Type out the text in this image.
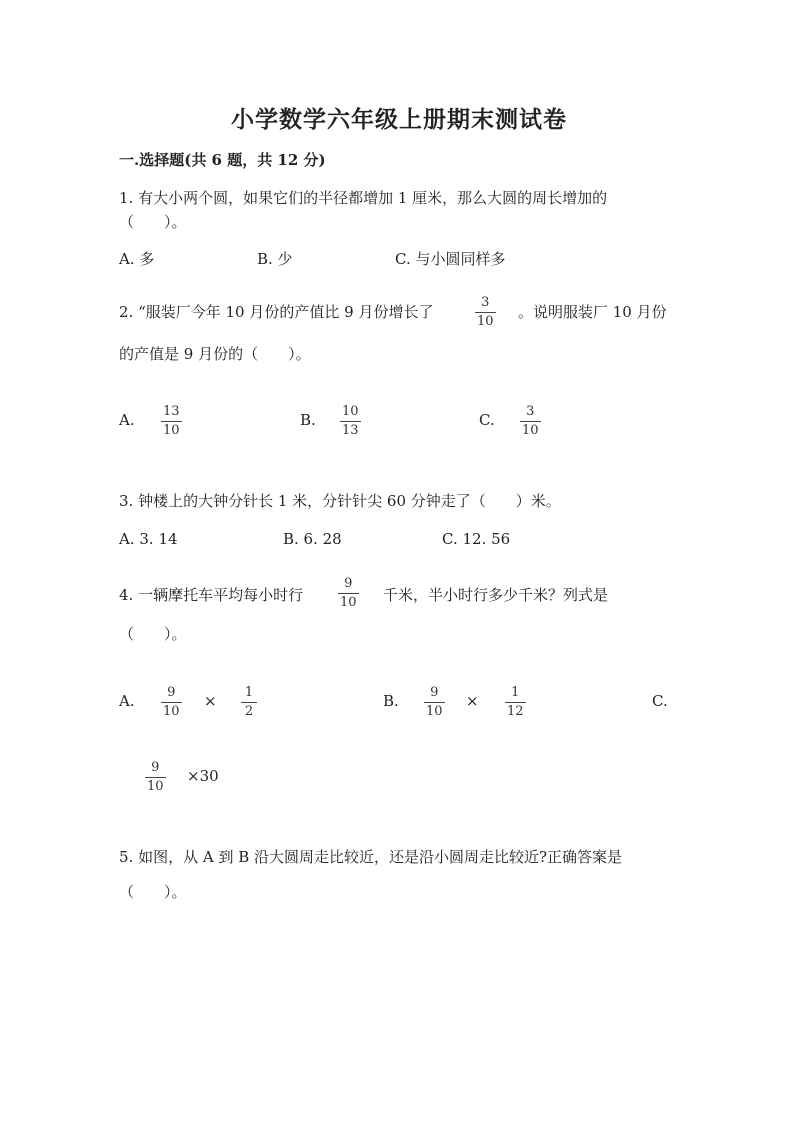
小学数学六年级上册期末测试卷
一.选择题(共 6 题，共 12 分)
1. 有大小两个圆，如果它们的半径都增加 1 厘米，那么大圆的周长增加的
（　　）。
A. 多	B. 少	C. 与小圆同样多
2. “服装厂今年 10 月份的产值比 9 月份增长了
3
10
。说明服装厂 10 月份
的产值是 9 月份的（　　）。
A. 13
10
B. 10
13
C. 3
10
3. 钟楼上的大钟分针长 1 米，分针针尖 60 分钟走了（　　）米。
A. 3. 14	B. 6. 28	C. 12. 56
4. 一辆摩托车平均每小时行
9
10 千米，半小时行多少千米？列式是
（　　）。
A.	9
10
× 1
2
B. 9
10
×	1
12
C.
9
10
×30
5. 如图，从 A 到 B 沿大圆周走比较近，还是沿小圆周走比较近?正确答案是
（　　）。
